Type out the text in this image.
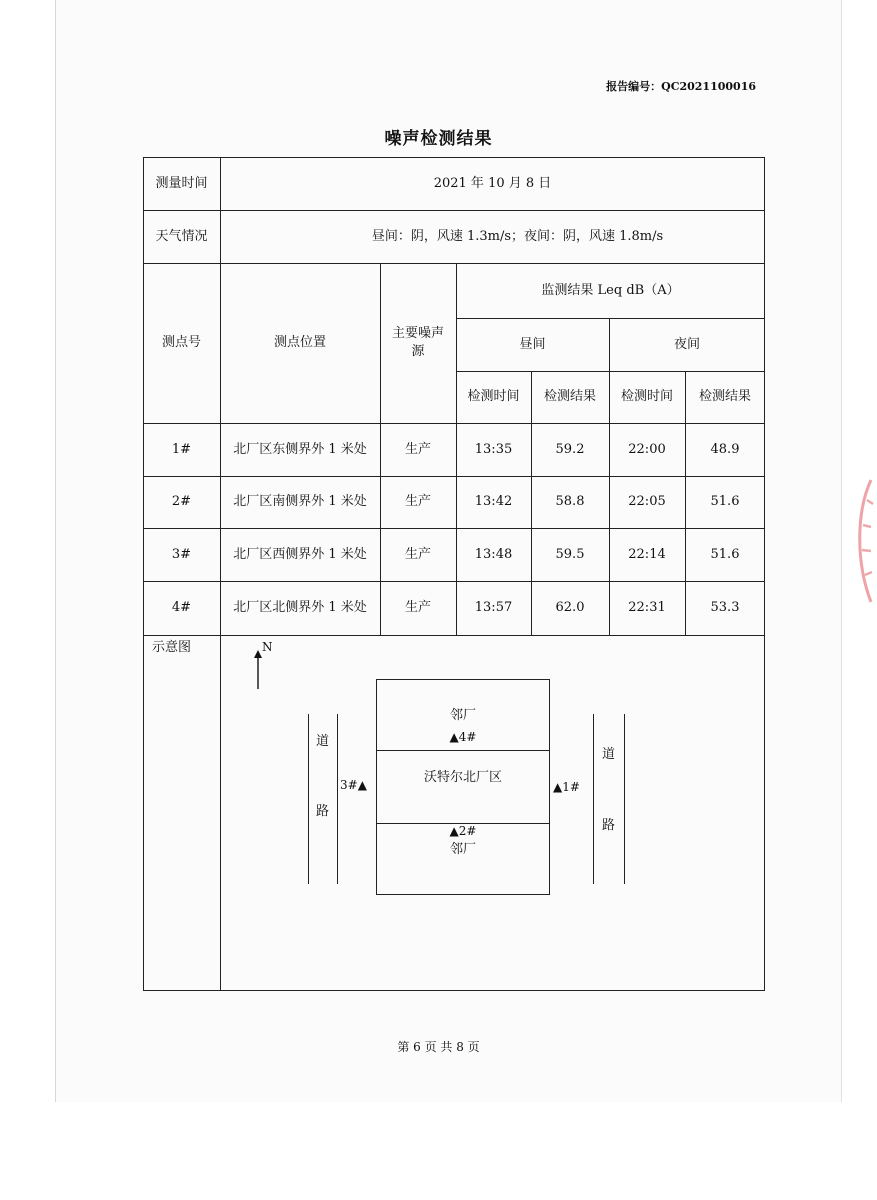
报告编号：QC2021100016
噪声检测结果
测量时间	2021 年 10 月 8 日
天气情况	昼间：阴，风速 1.3m/s；夜间：阴，风速 1.8m/s
测点号	测点位置
主要噪声源
监测结果 Leq dB（A）
昼间	夜间
检测时间	检测结果	检测时间	检测结果
1#	北厂区东侧界外 1 米处	生产	13:35	59.2	22:00	48.9
2#	北厂区南侧界外 1 米处	生产	13:42	58.8	22:05	51.6
3#	北厂区西侧界外 1 米处	生产	13:48	59.5	22:14	51.6
4#	北厂区北侧界外 1 米处	生产	13:57	62.0	22:31	53.3
示意图	N
道
路
道
路
邻厂
▲4#
沃特尔北厂区
▲2#
邻厂
3#▲	▲1#
第 6 页 共 8 页
